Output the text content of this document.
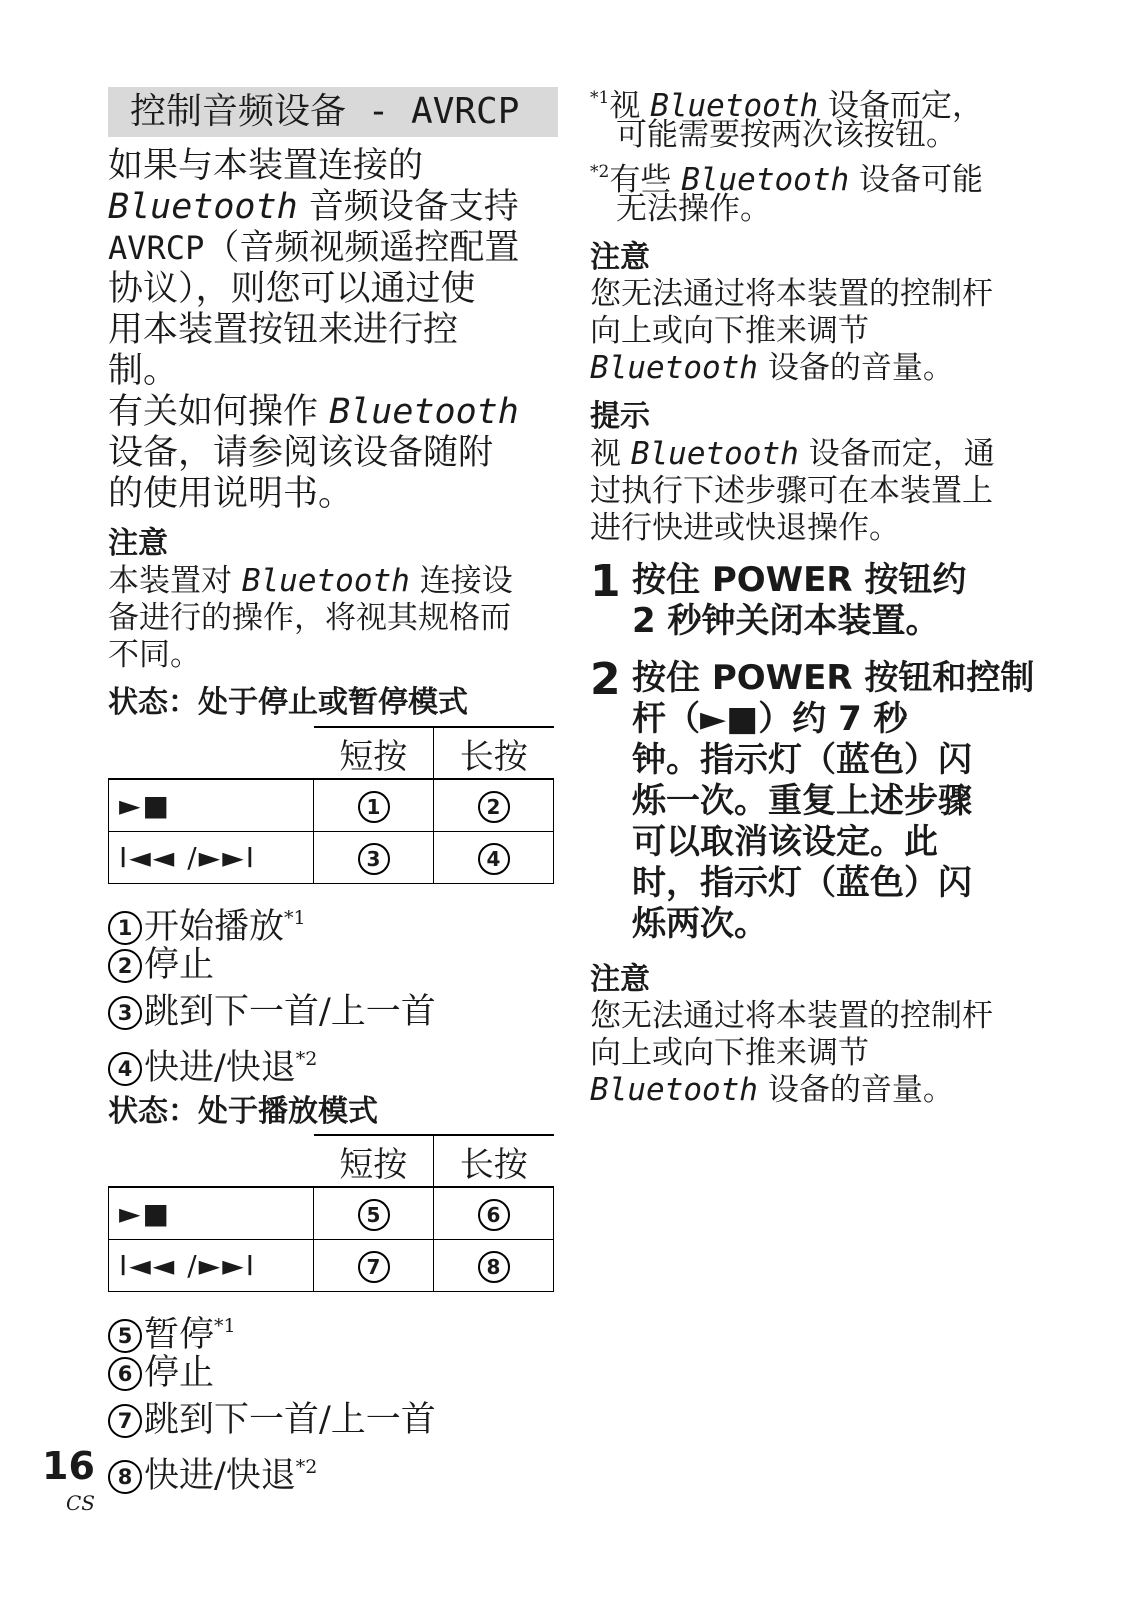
控制音频设备 - AVRCP
如果与本装置连接的
Bluetooth 音频设备支持
AVRCP（音频视频遥控配置
协议），则您可以通过使
用本装置按钮来进行控
制。
有关如何操作 Bluetooth
设备，请参阅该设备随附
的使用说明书。
注意
本装置对 Bluetooth 连接设
备进行的操作，将视其规格而
不同。
状态：处于停止或暂停模式
	短按	长按
►■	1	2
I◄◄ /►►I	3	4
1 开始播放$^{*1}$
2 停止
3 跳到下一首/上一首
4 快进/快退$^{*2}$
状态：处于播放模式
	短按	长按
►■	5	6
I◄◄ /►►I	7	8
5 暂停$^{*1}$
6 停止
7 跳到下一首/上一首
8 快进/快退$^{*2}$
$^{*1}$视 Bluetooth 设备而定，
可能需要按两次该按钮。
$^{*2}$有些 Bluetooth 设备可能
无法操作。
注意
您无法通过将本装置的控制杆
向上或向下推来调节
Bluetooth 设备的音量。
提示
视 Bluetooth 设备而定，通
过执行下述步骤可在本装置上
进行快进或快退操作。
1 按住 POWER 按钮约
2 秒钟关闭本装置。
2 按住 POWER 按钮和控制
杆（►■）约 7 秒
钟。指示灯（蓝色）闪
烁一次。重复上述步骤
可以取消该设定。此
时，指示灯（蓝色）闪
烁两次。
注意
您无法通过将本装置的控制杆
向上或向下推来调节
Bluetooth 设备的音量。
16
CS
